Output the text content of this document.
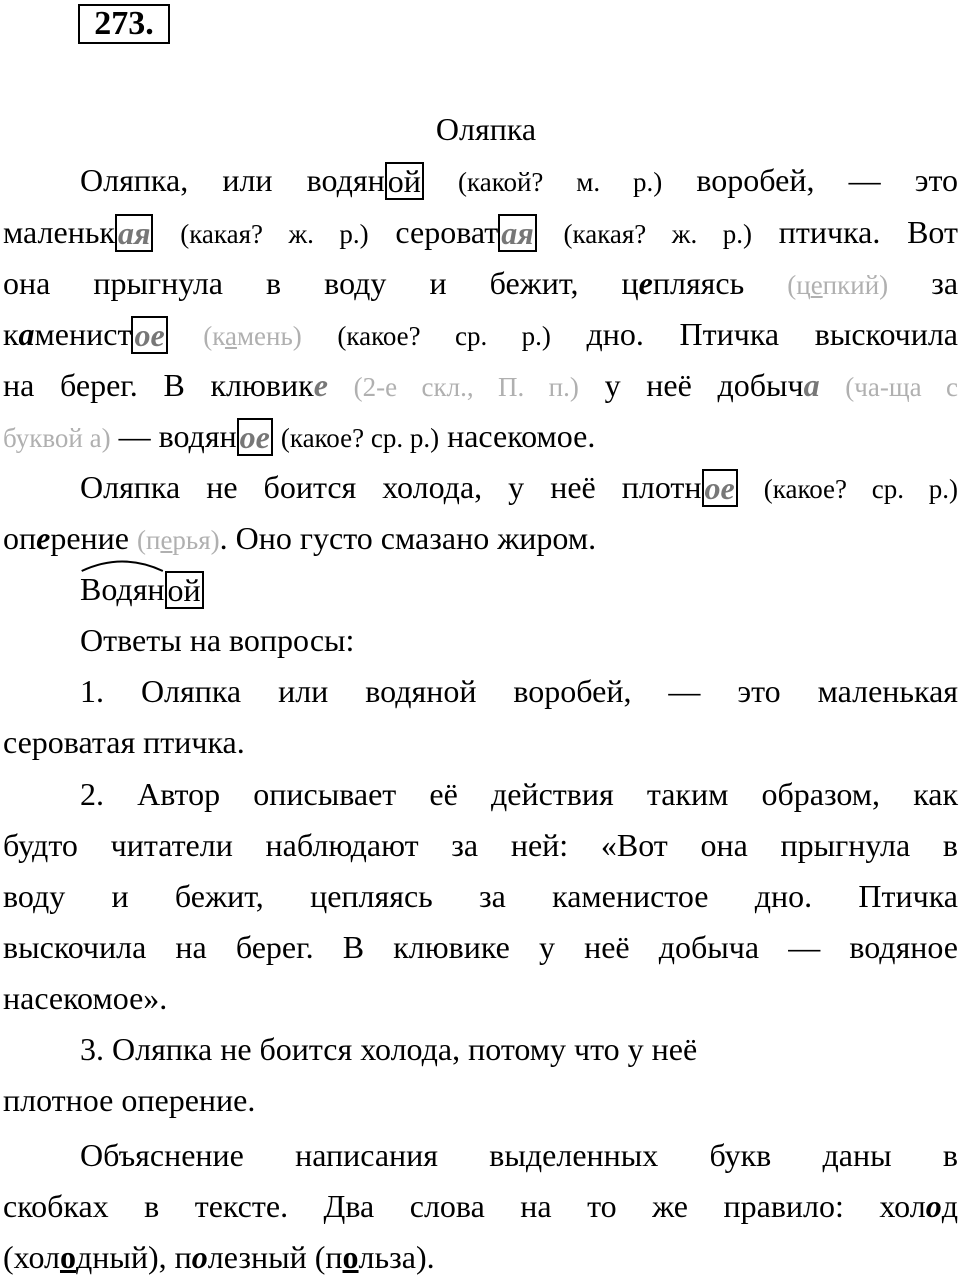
273.
Оляпка
Оляпка, или водяной (какой? м. р.) воробей, — это
маленькая (какая? ж. р.) сероватая (какая? ж. р.) птичка. Вот
она прыгнула в воду и бежит, цепляясь (цепкий) за
каменистое (камень) (какое? ср. р.) дно. Птичка выскочила
на берег. В клювике (2-е скл., П. п.) у неё добыча (ча-ща с
буквой а) — водяное (какое? ср. р.) насекомое.
Оляпка не боится холода, у неё плотное (какое? ср. р.)
оперение (перья). Оно густо смазано жиром.
Водяной
Ответы на вопросы:
1. Оляпка или водяной воробей, — это маленькая
сероватая птичка.
2. Автор описывает её действия таким образом, как
будто читатели наблюдают за ней: «Вот она прыгнула в
воду и бежит, цепляясь за каменистое дно. Птичка
выскочила на берег. В клювике у неё добыча — водяное
насекомое».
3. Оляпка не боится холода, потому что у неё
плотное оперение.
Объяснение написания выделенных букв даны в
скобках в тексте. Два слова на то же правило: холод
(холодный), полезный (польза).
